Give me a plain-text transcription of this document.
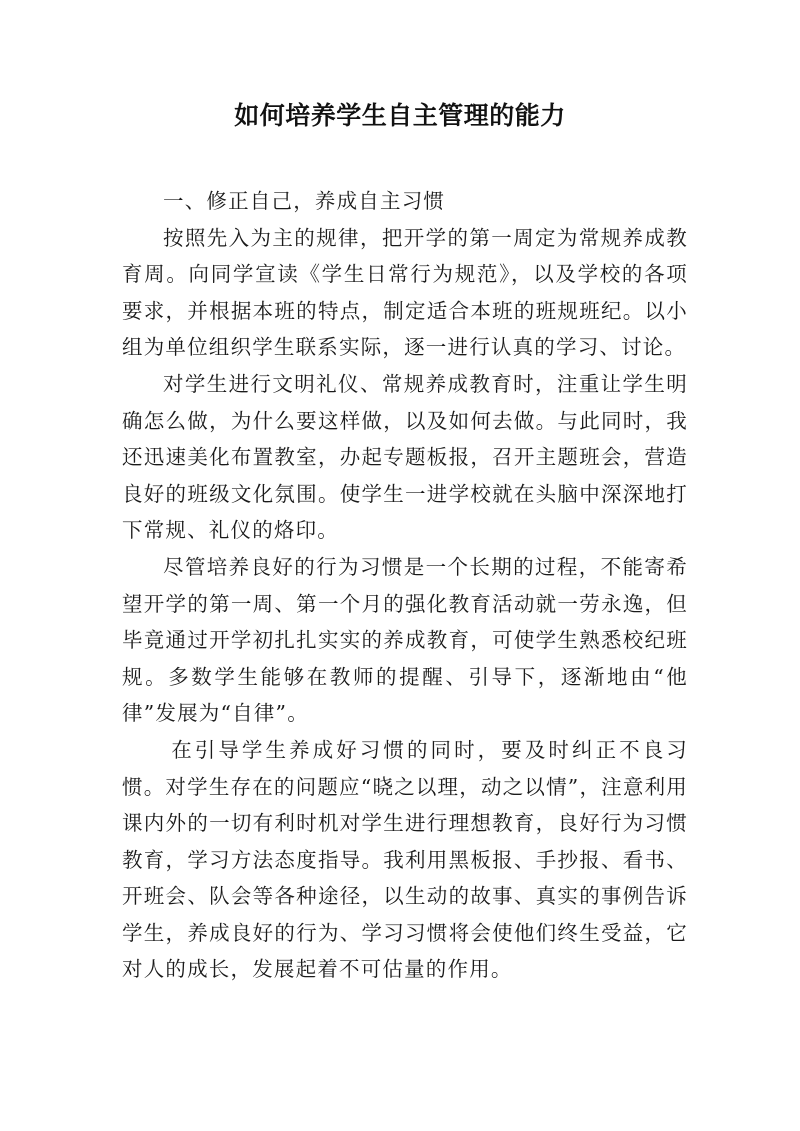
如何培养学生自主管理的能力

一、修正自己，养成自主习惯

按照先入为主的规律，把开学的第一周定为常规养成教育周。向同学宣读《学生日常行为规范》，以及学校的各项要求，并根据本班的特点，制定适合本班的班规班纪。以小组为单位组织学生联系实际，逐一进行认真的学习、讨论。

对学生进行文明礼仪、常规养成教育时，注重让学生明确怎么做，为什么要这样做，以及如何去做。与此同时，我还迅速美化布置教室，办起专题板报，召开主题班会，营造良好的班级文化氛围。使学生一进学校就在头脑中深深地打下常规、礼仪的烙印。

尽管培养良好的行为习惯是一个长期的过程，不能寄希望开学的第一周、第一个月的强化教育活动就一劳永逸，但毕竟通过开学初扎扎实实的养成教育，可使学生熟悉校纪班规。多数学生能够在教师的提醒、引导下，逐渐地由“他律”发展为“自律”。

在引导学生养成好习惯的同时，要及时纠正不良习惯。对学生存在的问题应“晓之以理，动之以情”，注意利用课内外的一切有利时机对学生进行理想教育，良好行为习惯教育，学习方法态度指导。我利用黑板报、手抄报、看书、开班会、队会等各种途径，以生动的故事、真实的事例告诉学生，养成良好的行为、学习习惯将会使他们终生受益，它对人的成长，发展起着不可估量的作用。
